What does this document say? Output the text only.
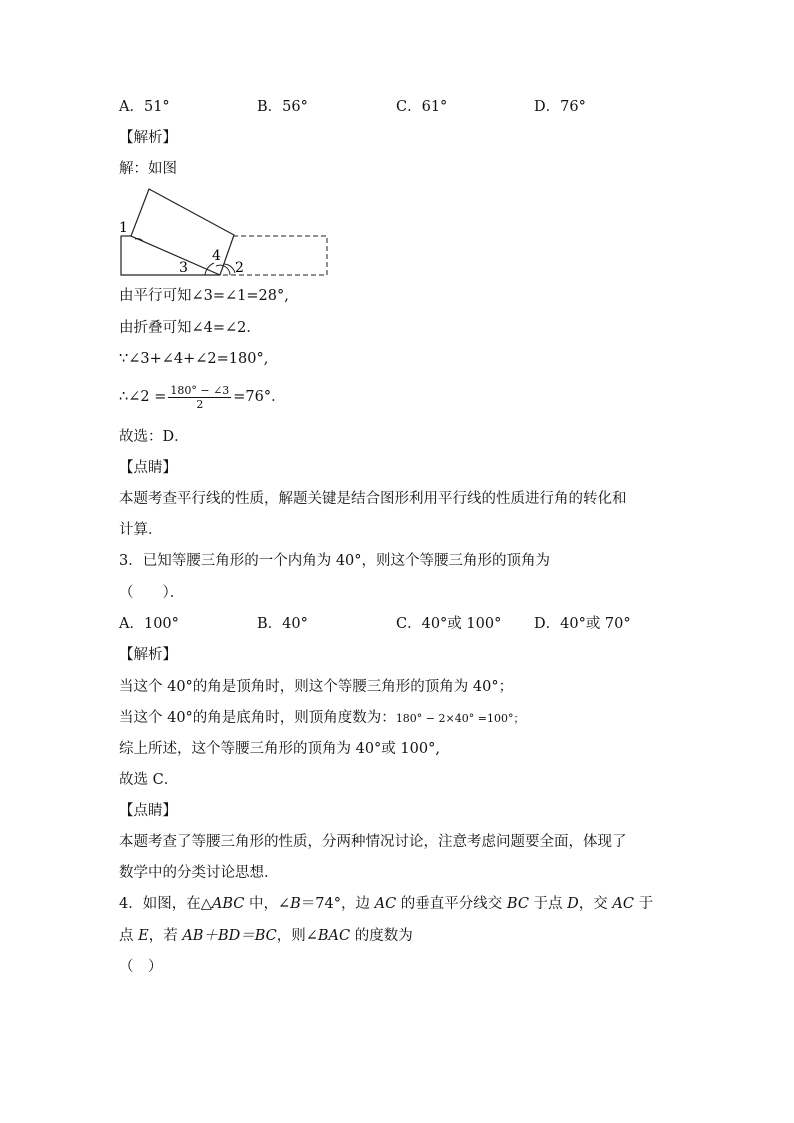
A．51°	B．56°	C．61°	D．76°
【解析】
解：如图
1
4
3	2
由平行可知∠3=∠1=28°,
由折叠可知∠4=∠2．
∵∠3+∠4+∠2=180°,
∴∠2 = $\frac{180^\circ - \angle 3}{2} =76^\circ$．
故选：D．
【点睛】
本题考查平行线的性质，解题关键是结合图形利用平行线的性质进行角的转化和
计算．
3．已知等腰三角形的一个内角为 40°，则这个等腰三角形的顶角为
（　　）．
A．100°	B．40°	C．40°或 100° D．40°或 70°
【解析】
当这个 40°的角是顶角时，则这个等腰三角形的顶角为 40°；
当这个 40°的角是底角时，则顶角度数为：180° − 2×40° =100°；
综上所述，这个等腰三角形的顶角为 40°或 100°,
故选 C．
【点睛】
本题考查了等腰三角形的性质，分两种情况讨论，注意考虑问题要全面，体现了
数学中的分类讨论思想．
4．如图，在△ABC 中，∠B＝74°，边 AC 的垂直平分线交 BC 于点 D，交 AC 于
点 E，若 AB＋BD＝BC，则∠BAC 的度数为
（　）
